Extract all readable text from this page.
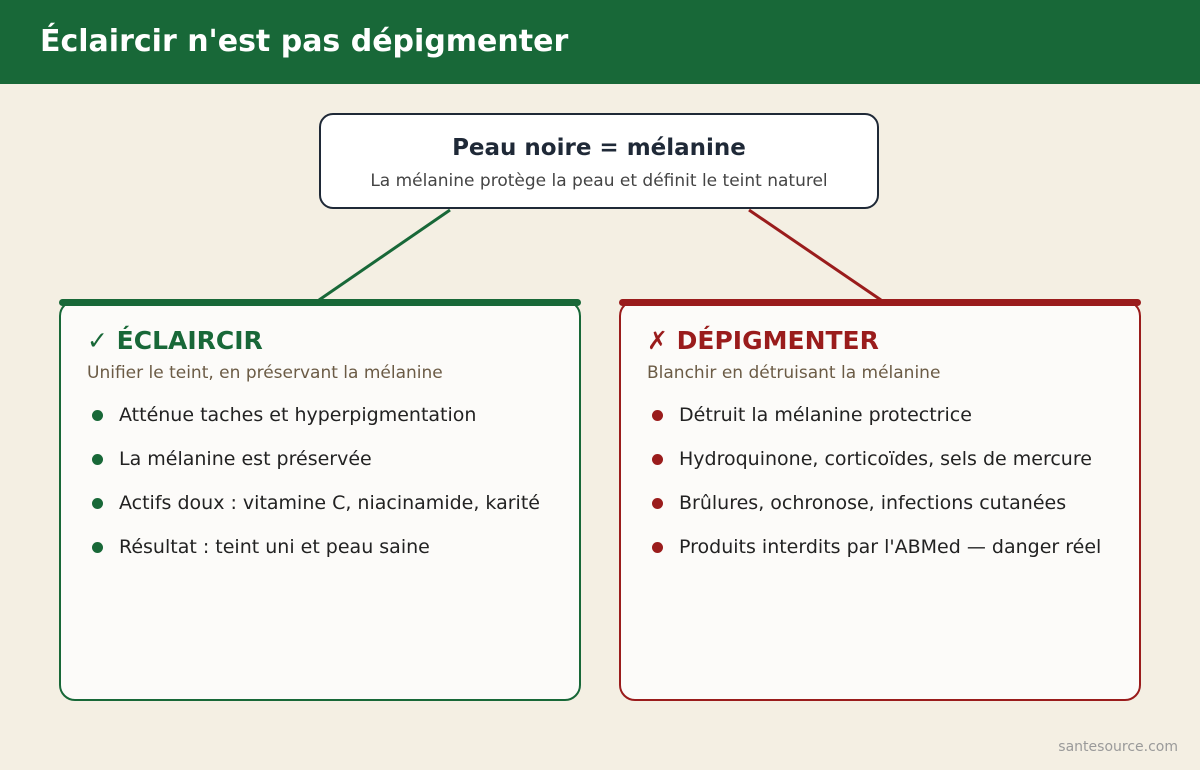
Éclaircir n'est pas dépigmenter
Peau noire = mélanine
La mélanine protège la peau et définit le teint naturel
✓ ÉCLAIRCIR
Unifier le teint, en préservant la mélanine
Atténue taches et hyperpigmentation
La mélanine est préservée
Actifs doux : vitamine C, niacinamide, karité
Résultat : teint uni et peau saine
✗ DÉPIGMENTER
Blanchir en détruisant la mélanine
Détruit la mélanine protectrice
Hydroquinone, corticoïdes, sels de mercure
Brûlures, ochronose, infections cutanées
Produits interdits par l'ABMed — danger réel
santesource.com
